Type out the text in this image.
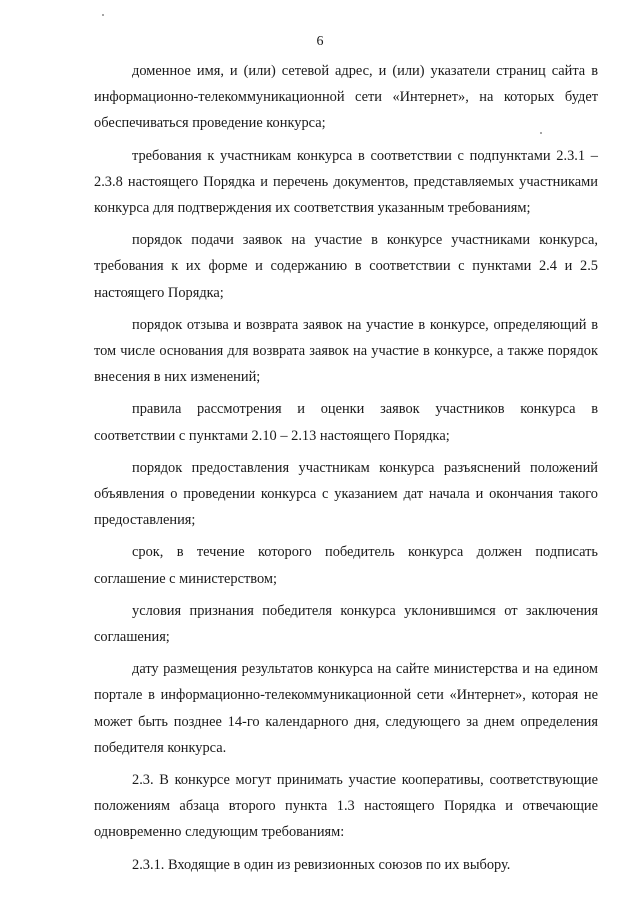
6

доменное имя, и (или) сетевой адрес, и (или) указатели страниц сайта в информационно-телекоммуникационной сети «Интернет», на которых будет обеспечиваться проведение конкурса;

требования к участникам конкурса в соответствии с подпунктами 2.3.1 – 2.3.8 настоящего Порядка и перечень документов, представляемых участниками конкурса для подтверждения их соответствия указанным требованиям;

порядок подачи заявок на участие в конкурсе участниками конкурса, требования к их форме и содержанию в соответствии с пунктами 2.4 и 2.5 настоящего Порядка;

порядок отзыва и возврата заявок на участие в конкурсе, определяющий в том числе основания для возврата заявок на участие в конкурсе, а также порядок внесения в них изменений;

правила рассмотрения и оценки заявок участников конкурса в соответствии с пунктами 2.10 – 2.13 настоящего Порядка;

порядок предоставления участникам конкурса разъяснений положений объявления о проведении конкурса с указанием дат начала и окончания такого предоставления;

срок, в течение которого победитель конкурса должен подписать соглашение с министерством;

условия признания победителя конкурса уклонившимся от заключения соглашения;

дату размещения результатов конкурса на сайте министерства и на едином портале в информационно-телекоммуникационной сети «Интернет», которая не может быть позднее 14-го календарного дня, следующего за днем определения победителя конкурса.

2.3. В конкурсе могут принимать участие кооперативы, соответствующие положениям абзаца второго пункта 1.3 настоящего Порядка и отвечающие одновременно следующим требованиям:

2.3.1. Входящие в один из ревизионных союзов по их выбору.
